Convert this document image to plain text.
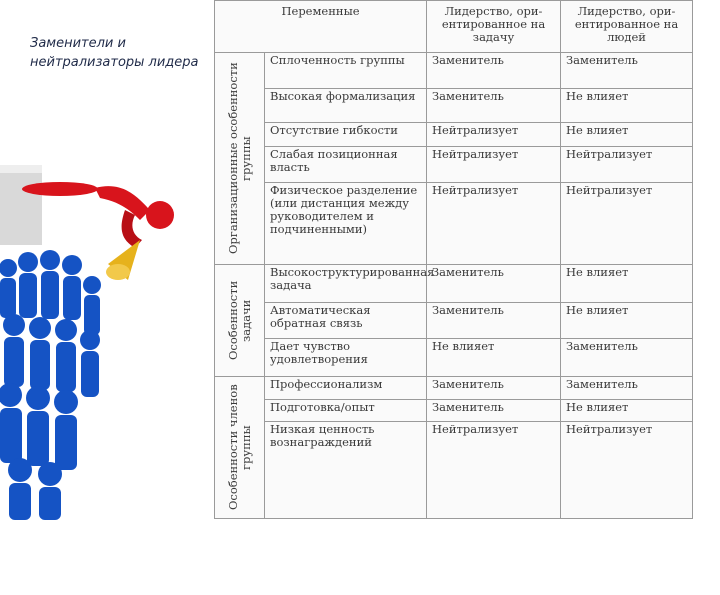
Заменители и нейтрализаторы лидера
Переменные		Лидерство, ори-ентированное на задачу	Лидерство, ори-ентированное на людей

Организационные особенности группы	Сплоченность группы	Заменитель	Заменитель
	Высокая формализация	Заменитель	Не влияет
	Отсутствие гибкости	Нейтрализует	Не влияет
	Слабая позиционная власть	Нейтрализует	Нейтрализует
	Физическое разделение (или дистанция между руководителем и подчиненными)	Нейтрализует	Нейтрализует

Особенности задачи	Высокоструктурированная задача	Заменитель	Не влияет
	Автоматическая обратная связь	Заменитель	Не влияет
	Дает чувство удовлетворения	Не влияет	Заменитель

Особенности членов группы	Профессионализм	Заменитель	Заменитель
	Подготовка/опыт	Заменитель	Не влияет
	Низкая ценность вознаграждений	Нейтрализует	Нейтрализует
